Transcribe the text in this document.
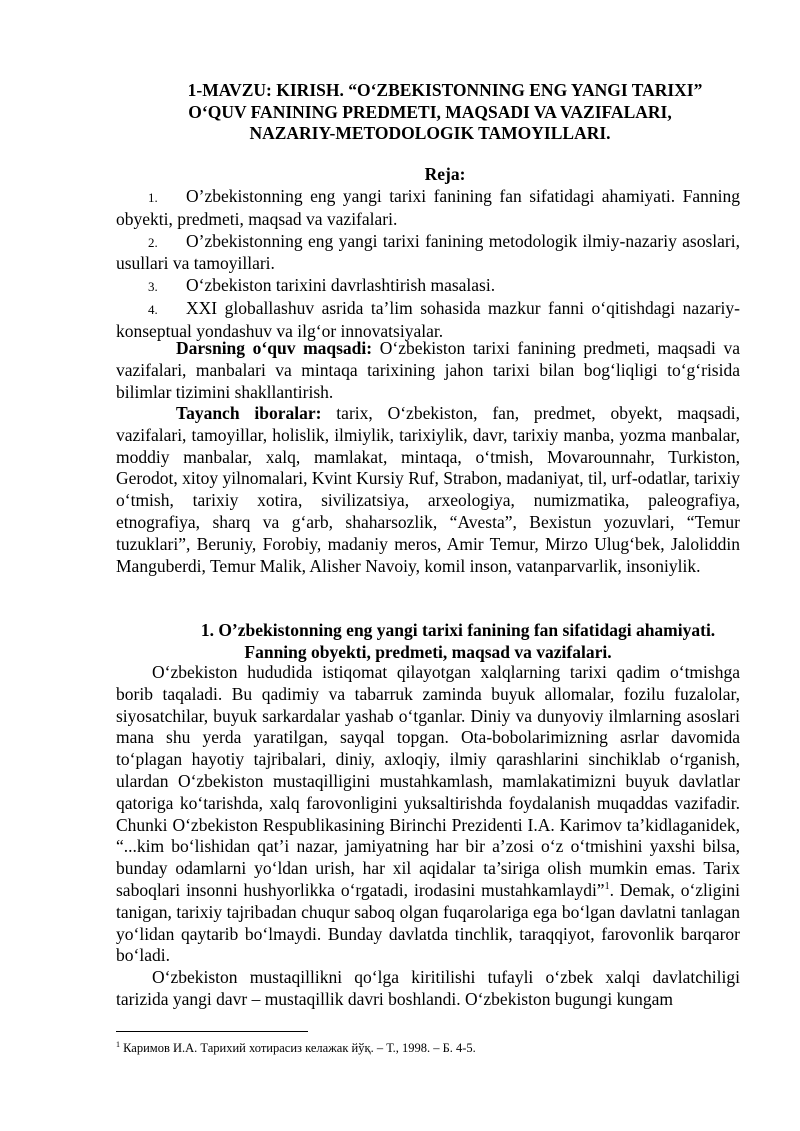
1-MAVZU: KIRISH. “O‘ZBEKISTONNING ENG YANGI TARIXI”
O‘QUV FANINING PREDMETI, MAQSADI VA VAZIFALARI,
NAZARIY-METODOLOGIK TAMOYILLARI.
Reja:

1. O’zbekistonning eng yangi tarixi fanining fan sifatidagi ahamiyati. Fanning obyekti, predmeti, maqsad va vazifalari.

2. O’zbekistonning eng yangi tarixi fanining metodologik ilmiy-nazariy asoslari, usullari va tamoyillari.

3. O‘zbekiston tarixini davrlashtirish masalasi.

4. XXI globallashuv asrida ta’lim sohasida mazkur fanni o‘qitishdagi nazariy-konseptual yondashuv va ilg‘or innovatsiyalar.

Darsning o‘quv maqsadi: O‘zbekiston tarixi fanining predmeti, maqsadi va vazifalari, manbalari va mintaqa tarixining jahon tarixi bilan bog‘liqligi to‘g‘risida bilimlar tizimini shakllantirish.

Tayanch iboralar: tarix, O‘zbekiston, fan, predmet, obyekt, maqsadi, vazifalari, tamoyillar, holislik, ilmiylik, tarixiylik, davr, tarixiy manba, yozma manbalar, moddiy manbalar, xalq, mamlakat, mintaqa, o‘tmish, Movarounnahr, Turkiston, Gerodot, xitoy yilnomalari, Kvint Kursiy Ruf, Strabon, madaniyat, til, urf-odatlar, tarixiy o‘tmish, tarixiy xotira, sivilizatsiya, arxeologiya, numizmatika, paleografiya, etnografiya, sharq va g‘arb, shaharsozlik, “Avesta”, Bexistun yozuvlari, “Temur tuzuklari”, Beruniy, Forobiy, madaniy meros, Amir Temur, Mirzo Ulug‘bek, Jaloliddin Manguberdi, Temur Malik, Alisher Navoiy, komil inson, vatanparvarlik, insoniylik.

1. O’zbekistonning eng yangi tarixi fanining fan sifatidagi ahamiyati.
Fanning obyekti, predmeti, maqsad va vazifalari.

O‘zbekiston hududida istiqomat qilayotgan xalqlarning tarixi qadim o‘tmishga borib taqaladi. Bu qadimiy va tabarruk zaminda buyuk allomalar, fozilu fuzalolar, siyosatchilar, buyuk sarkardalar yashab o‘tganlar. Diniy va dunyoviy ilmlarning asoslari mana shu yerda yaratilgan, sayqal topgan. Ota-bobolarimizning asrlar davomida to‘plagan hayotiy tajribalari, diniy, axloqiy, ilmiy qarashlarini sinchiklab o‘rganish, ulardan O‘zbekiston mustaqilligini mustahkamlash, mamlakatimizni buyuk davlatlar qatoriga ko‘tarishda, xalq farovonligini yuksaltirishda foydalanish muqaddas vazifadir. Chunki O‘zbekiston Respublikasining Birinchi Prezidenti I.A. Karimov ta’kidlaganidek, “...kim bo‘lishidan qat’i nazar, jamiyatning har bir a’zosi o‘z o‘tmishini yaxshi bilsa, bunday odamlarni yo‘ldan urish, har xil aqidalar ta’siriga olish mumkin emas. Tarix saboqlari insonni hushyorlikka o‘rgatadi, irodasini mustahkamlaydi”$^1$. Demak, o‘zligini tanigan, tarixiy tajribadan chuqur saboq olgan fuqarolariga ega bo‘lgan davlatni tanlagan yo‘lidan qaytarib bo‘lmaydi. Bunday davlatda tinchlik, taraqqiyot, farovonlik barqaror bo‘ladi.

O‘zbekiston mustaqillikni qo‘lga kiritilishi tufayli o‘zbek xalqi davlatchiligi tarizida yangi davr – mustaqillik davri boshlandi. O‘zbekiston bugungi kungam

$^1$ Каримов И.А. Тарихий хотирасиз келажак йўқ. – Т., 1998. – Б. 4-5.
